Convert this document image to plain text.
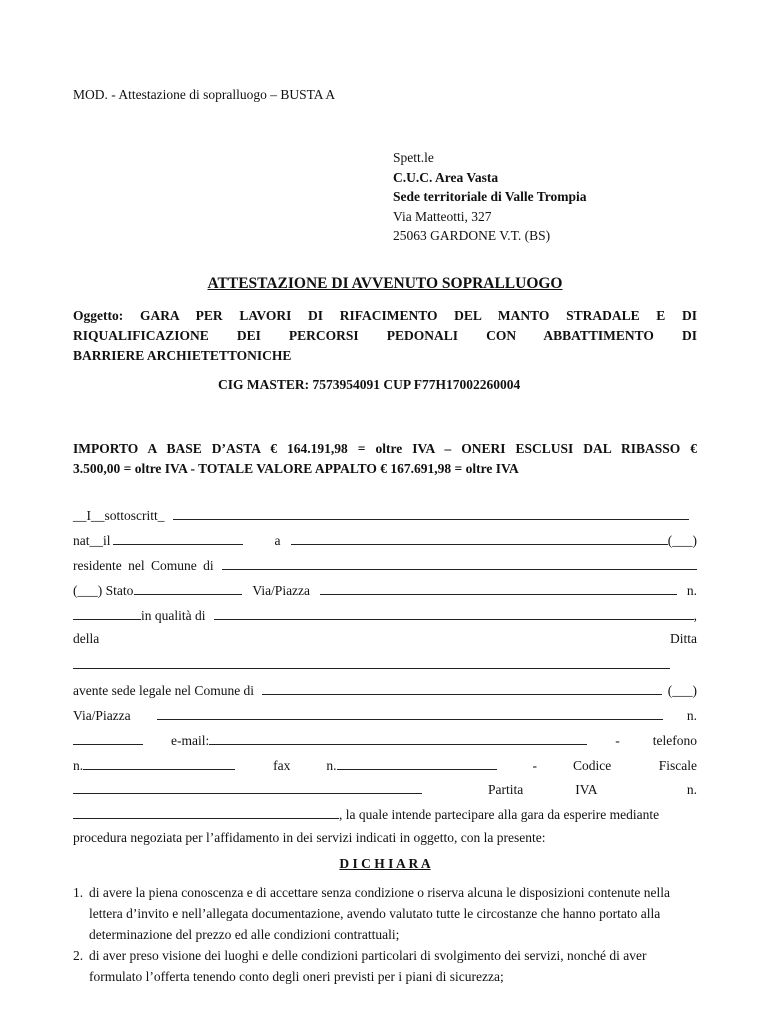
MOD. - Attestazione di sopralluogo – BUSTA A
Spett.le
C.U.C. Area Vasta
Sede territoriale di Valle Trompia
Via Matteotti, 327
25063 GARDONE V.T. (BS)
ATTESTAZIONE DI AVVENUTO SOPRALLUOGO
Oggetto: GARA PER LAVORI DI RIFACIMENTO DEL MANTO STRADALE E DI
RIQUALIFICAZIONE DEI PERCORSI PEDONALI CON ABBATTIMENTO DI
BARRIERE ARCHIETETTONICHE
CIG MASTER: 7573954091 CUP F77H17002260004
IMPORTO A BASE D’ASTA € 164.191,98 = oltre IVA – ONERI ESCLUSI DAL RIBASSO €
3.500,00 = oltre IVA - TOTALE VALORE APPALTO € 167.691,98 = oltre IVA
__I__sottoscritt_
nat__il	a	(___)
residente nel Comune di
(___) Stato	Via/Piazza	n.
in qualità di	,
della	Ditta
avente sede legale nel Comune di	(___)
Via/Piazza	n.
e-mail:	- telefono
n.	fax	n.	-	Codice	Fiscale
Partita	IVA	n.
, la quale intende partecipare alla gara da esperire mediante
procedura negoziata per l’affidamento in dei servizi indicati in oggetto, con la presente:
D I C H I A R A
1. di avere la piena conoscenza e di accettare senza condizione o riserva alcuna le disposizioni contenute nella lettera d’invito e nell’allegata documentazione, avendo valutato tutte le circostanze che hanno portato alla determinazione del prezzo ed alle condizioni contrattuali;
2. di aver preso visione dei luoghi e delle condizioni particolari di svolgimento dei servizi, nonché di aver formulato l’offerta tenendo conto degli oneri previsti per i piani di sicurezza;
